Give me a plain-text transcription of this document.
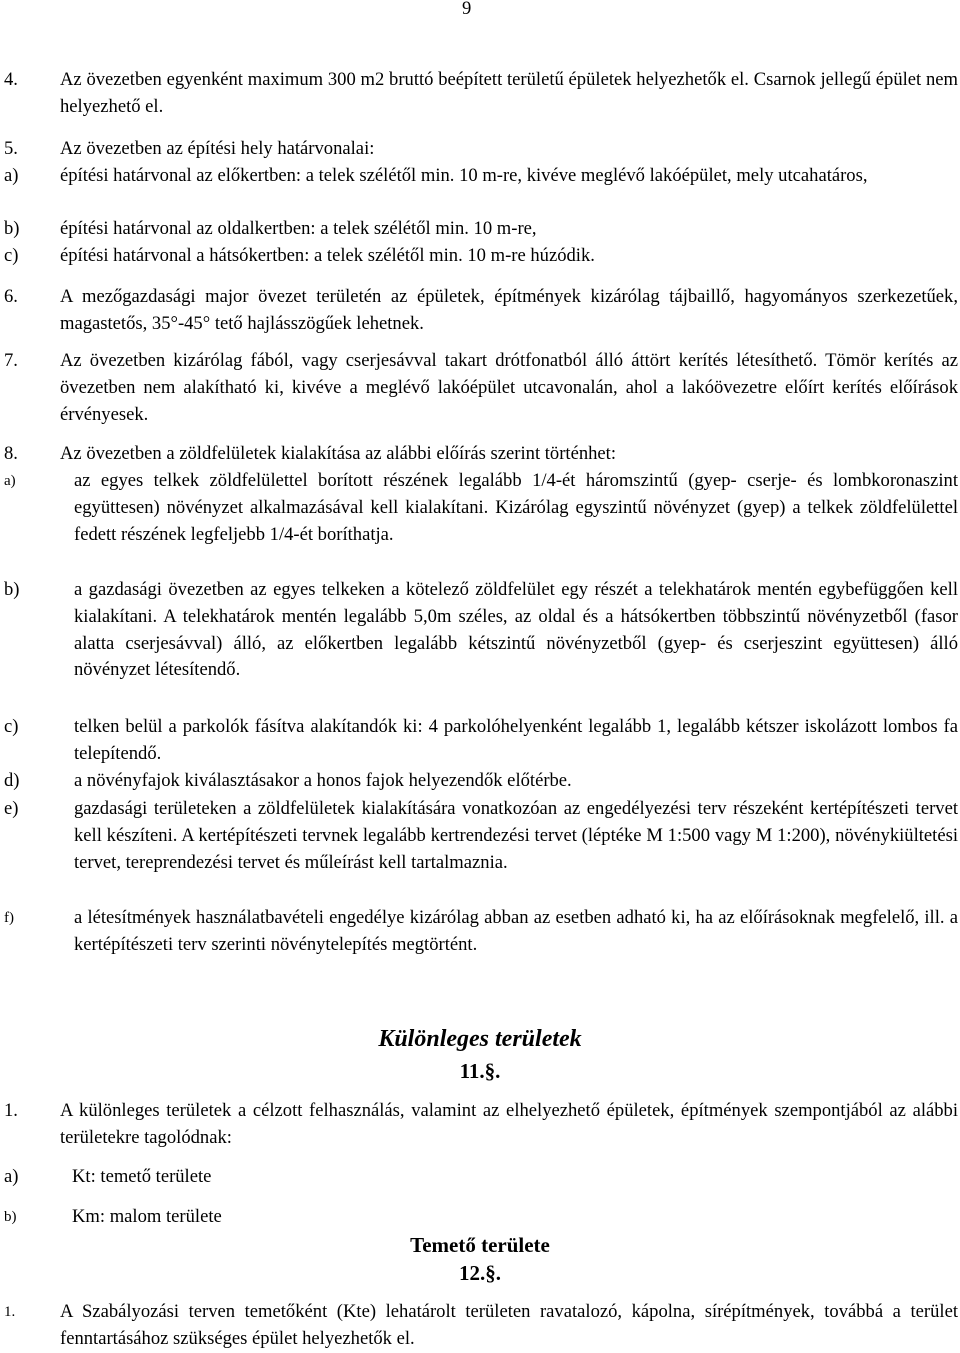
9
4. Az övezetben egyenként maximum 300 m2 bruttó beépített területű épületek helyezhetők el. Csarnok jellegű épület nem helyezhető el.
5. Az övezetben az építési hely határvonalai:
a) építési határvonal az előkertben: a telek szélétől min. 10 m-re, kivéve meglévő lakóépület, mely utcahatáros,
b) építési határvonal az oldalkertben: a telek szélétől min. 10 m-re,
c) építési határvonal a hátsókertben: a telek szélétől min. 10 m-re húzódik.
6. A mezőgazdasági major övezet területén az épületek, építmények kizárólag tájbaillő, hagyományos szerkezetűek, magastetős, 35°-45° tető hajlásszögűek lehetnek.
7. Az övezetben kizárólag fából, vagy cserjesávval takart drótfonatból álló áttört kerítés létesíthető. Tömör kerítés az övezetben nem alakítható ki, kivéve a meglévő lakóépület utcavonalán, ahol a lakóövezetre előírt kerítés előírások érvényesek.
8. Az övezetben a zöldfelületek kialakítása az alábbi előírás szerint történhet:
a)	az egyes telkek zöldfelülettel borított részének legalább 1/4-ét háromszintű (gyep- cserje- és lombkoronaszint együttesen) növényzet alkalmazásával kell kialakítani. Kizárólag egyszintű növényzet (gyep) a telkek zöldfelülettel fedett részének legfeljebb 1/4-ét boríthatja.
b)	a gazdasági övezetben az egyes telkeken a kötelező zöldfelület egy részét a telekhatárok mentén egybefüggően kell kialakítani. A telekhatárok mentén legalább 5,0m széles, az oldal és a hátsókertben többszintű növényzetből (fasor alatta cserjesávval) álló, az előkertben legalább kétszintű növényzetből (gyep- és cserjeszint együttesen) álló növényzet létesítendő.
c)	telken belül a parkolók fásítva alakítandók ki: 4 parkolóhelyenként legalább 1, legalább kétszer iskolázott lombos fa telepítendő.
d)	a növényfajok kiválasztásakor a honos fajok helyezendők előtérbe.
e)	gazdasági területeken a zöldfelületek kialakítására vonatkozóan az engedélyezési terv részeként kertépítészeti tervet kell készíteni. A kertépítészeti tervnek legalább kertrendezési tervet (léptéke M 1:500 vagy M 1:200), növénykiültetési tervet, tereprendezési tervet és műleírást kell tartalmaznia.
f)	a létesítmények használatbavételi engedélye kizárólag abban az esetben adható ki, ha az előírásoknak megfelelő, ill. a kertépítészeti terv szerinti növénytelepítés megtörtént.
Különleges területek
11.§.
1. A különleges területek a célzott felhasználás, valamint az elhelyezhető épületek, építmények szempontjából az alábbi területekre tagolódnak:
a)	Kt: temető területe
b)	Km: malom területe
Temető területe
12.§.
1. A Szabályozási terven temetőként (Kte) lehatárolt területen ravatalozó, kápolna, sírépítmények, továbbá a terület fenntartásához szükséges épület helyezhetők el.
